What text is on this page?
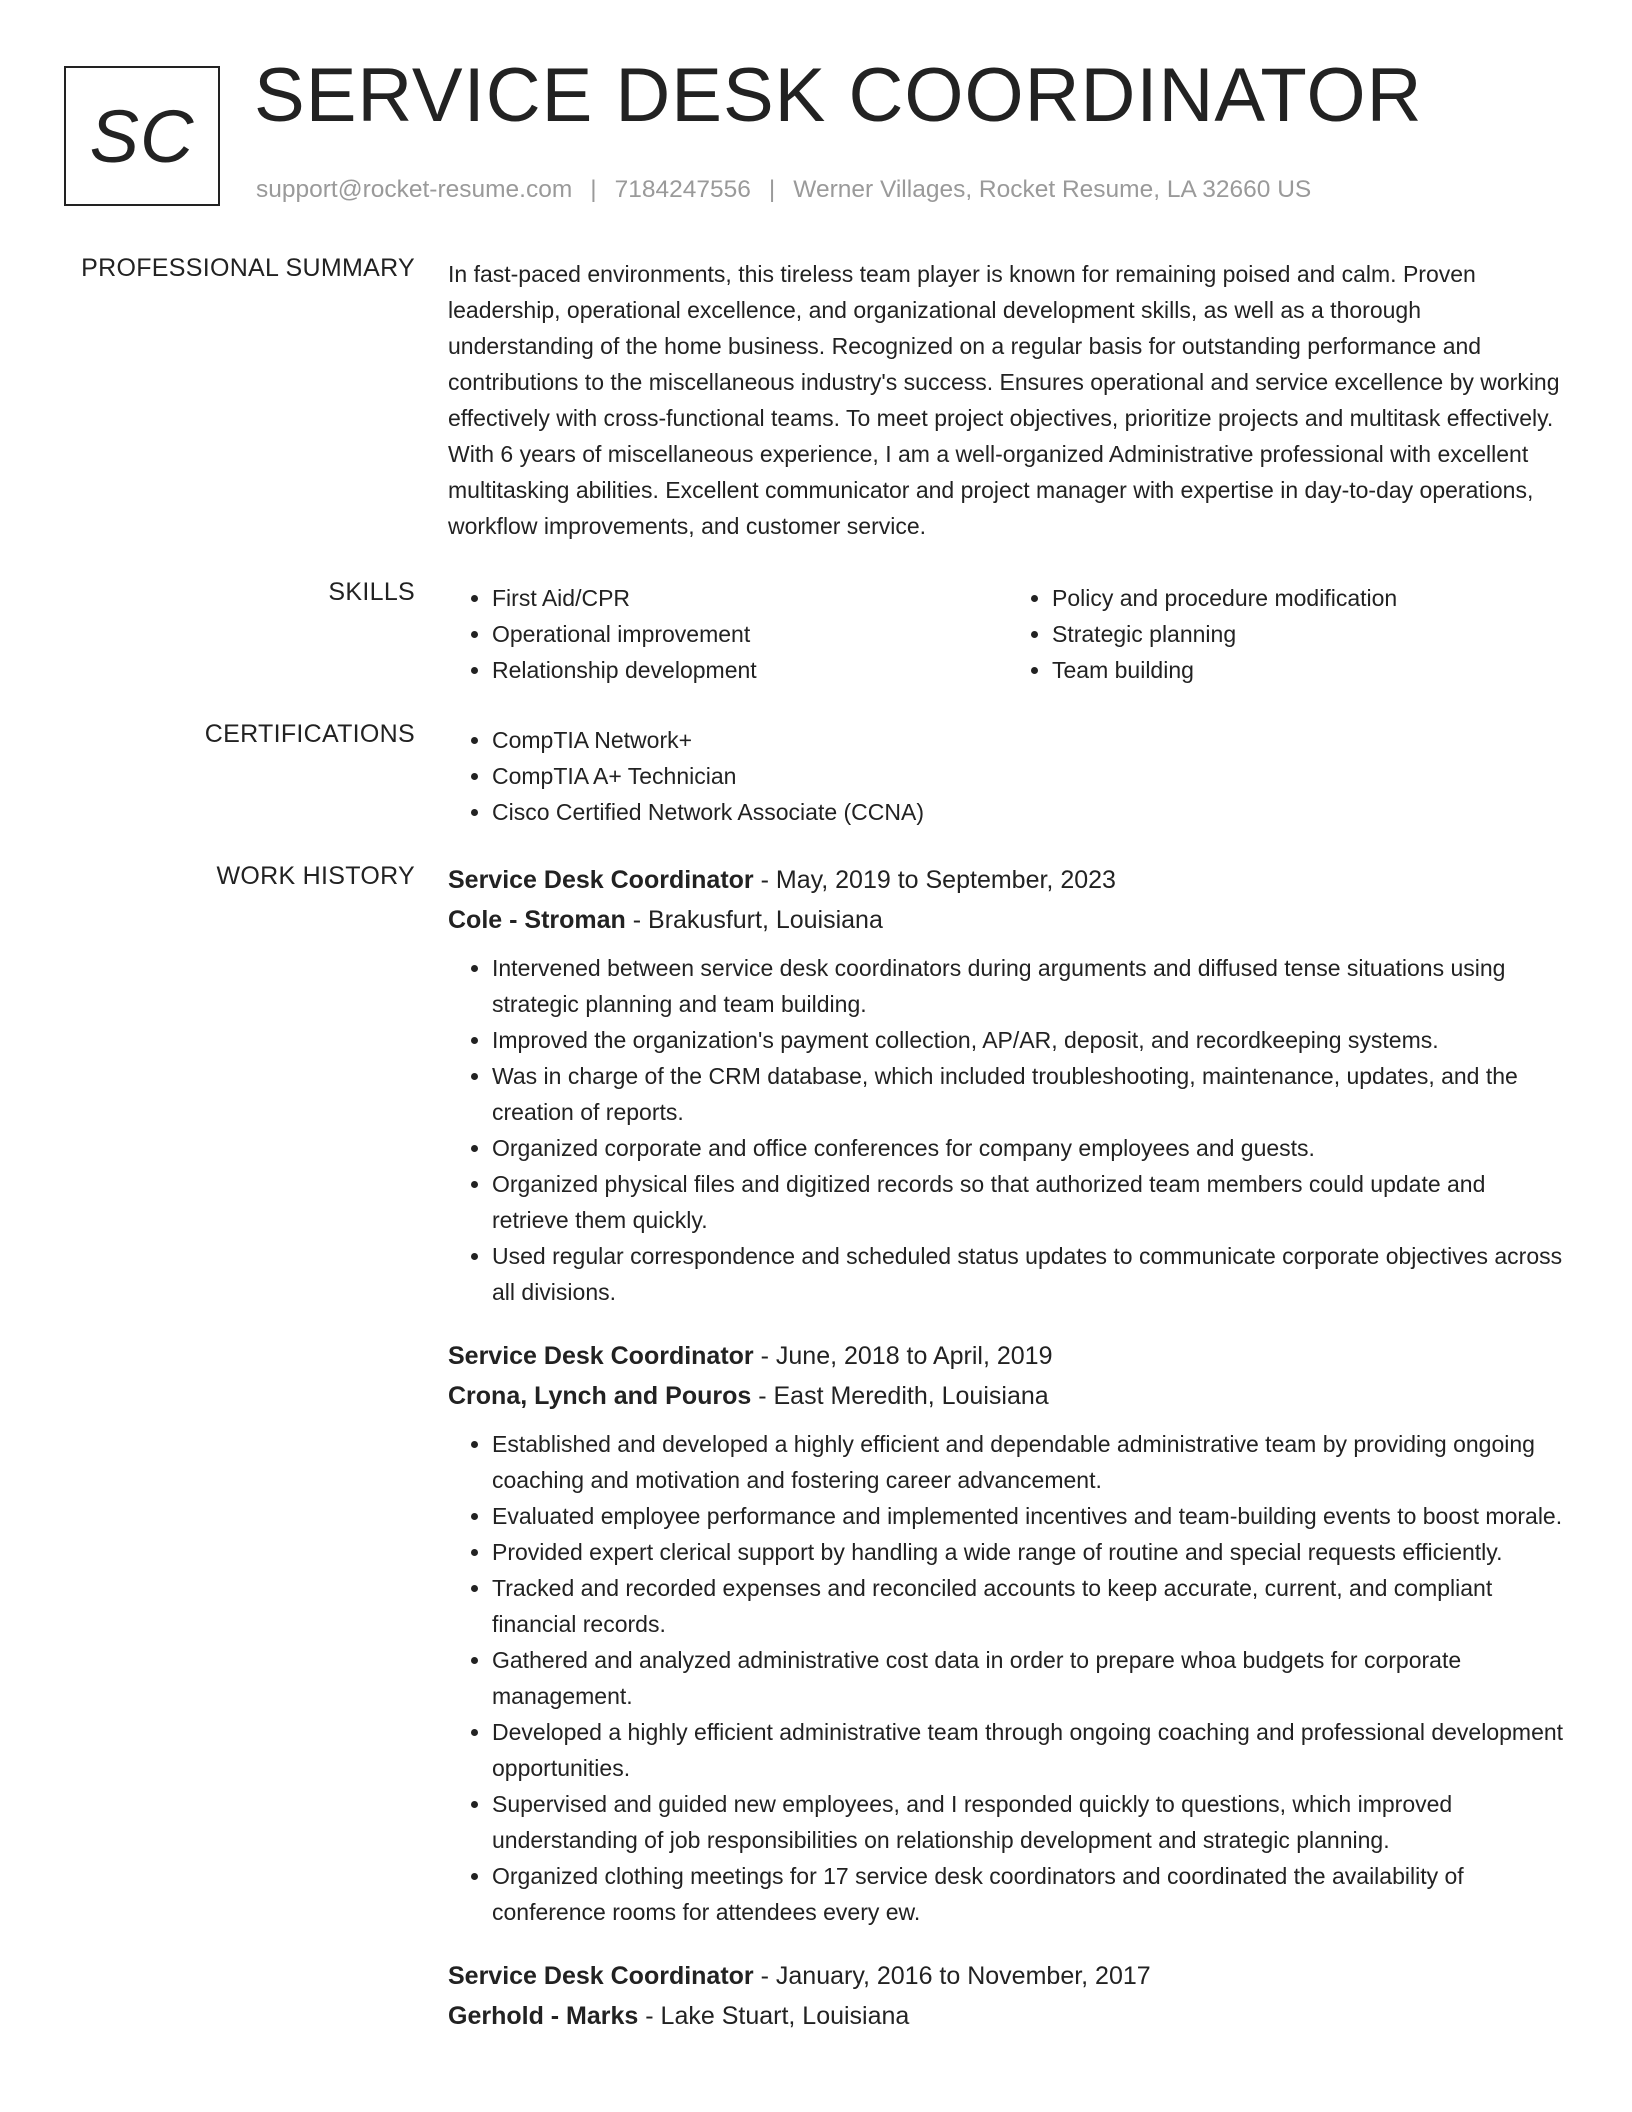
SC SERVICE DESK COORDINATOR
support@rocket-resume.com | 7184247556 | Werner Villages, Rocket Resume, LA 32660 US
PROFESSIONAL SUMMARY In fast-paced environments, this tireless team player is known for remaining poised and calm. Proven leadership, operational excellence, and organizational development skills, as well as a thorough understanding of the home business. Recognized on a regular basis for outstanding performance and contributions to the miscellaneous industry's success. Ensures operational and service excellence by working effectively with cross-functional teams. To meet project objectives, prioritize projects and multitask effectively. With 6 years of miscellaneous experience, I am a well-organized Administrative professional with excellent multitasking abilities. Excellent communicator and project manager with expertise in day-to-day operations, workflow improvements, and customer service.

SKILLS	• First Aid/CPR
• Operational improvement
• Relationship development
• Policy and procedure modification
• Strategic planning
• Team building
CERTIFICATIONS	• CompTIA Network+
• CompTIA A+ Technician
• Cisco Certified Network Associate (CCNA)
WORK HISTORY Service Desk Coordinator - May, 2019 to September, 2023
Cole - Stroman - Brakusfurt, Louisiana
• Intervened between service desk coordinators during arguments and diffused tense situations using strategic planning and team building.
• Improved the organization's payment collection, AP/AR, deposit, and recordkeeping systems.
• Was in charge of the CRM database, which included troubleshooting, maintenance, updates, and the creation of reports.
• Organized corporate and office conferences for company employees and guests.
• Organized physical files and digitized records so that authorized team members could update and retrieve them quickly.
• Used regular correspondence and scheduled status updates to communicate corporate objectives across all divisions.
Service Desk Coordinator - June, 2018 to April, 2019
Crona, Lynch and Pouros - East Meredith, Louisiana
• Established and developed a highly efficient and dependable administrative team by providing ongoing coaching and motivation and fostering career advancement.
• Evaluated employee performance and implemented incentives and team-building events to boost morale.
• Provided expert clerical support by handling a wide range of routine and special requests efficiently.
• Tracked and recorded expenses and reconciled accounts to keep accurate, current, and compliant financial records.
• Gathered and analyzed administrative cost data in order to prepare whoa budgets for corporate management.
• Developed a highly efficient administrative team through ongoing coaching and professional development opportunities.
• Supervised and guided new employees, and I responded quickly to questions, which improved understanding of job responsibilities on relationship development and strategic planning.
• Organized clothing meetings for 17 service desk coordinators and coordinated the availability of conference rooms for attendees every ew.
Service Desk Coordinator - January, 2016 to November, 2017
Gerhold - Marks - Lake Stuart, Louisiana
